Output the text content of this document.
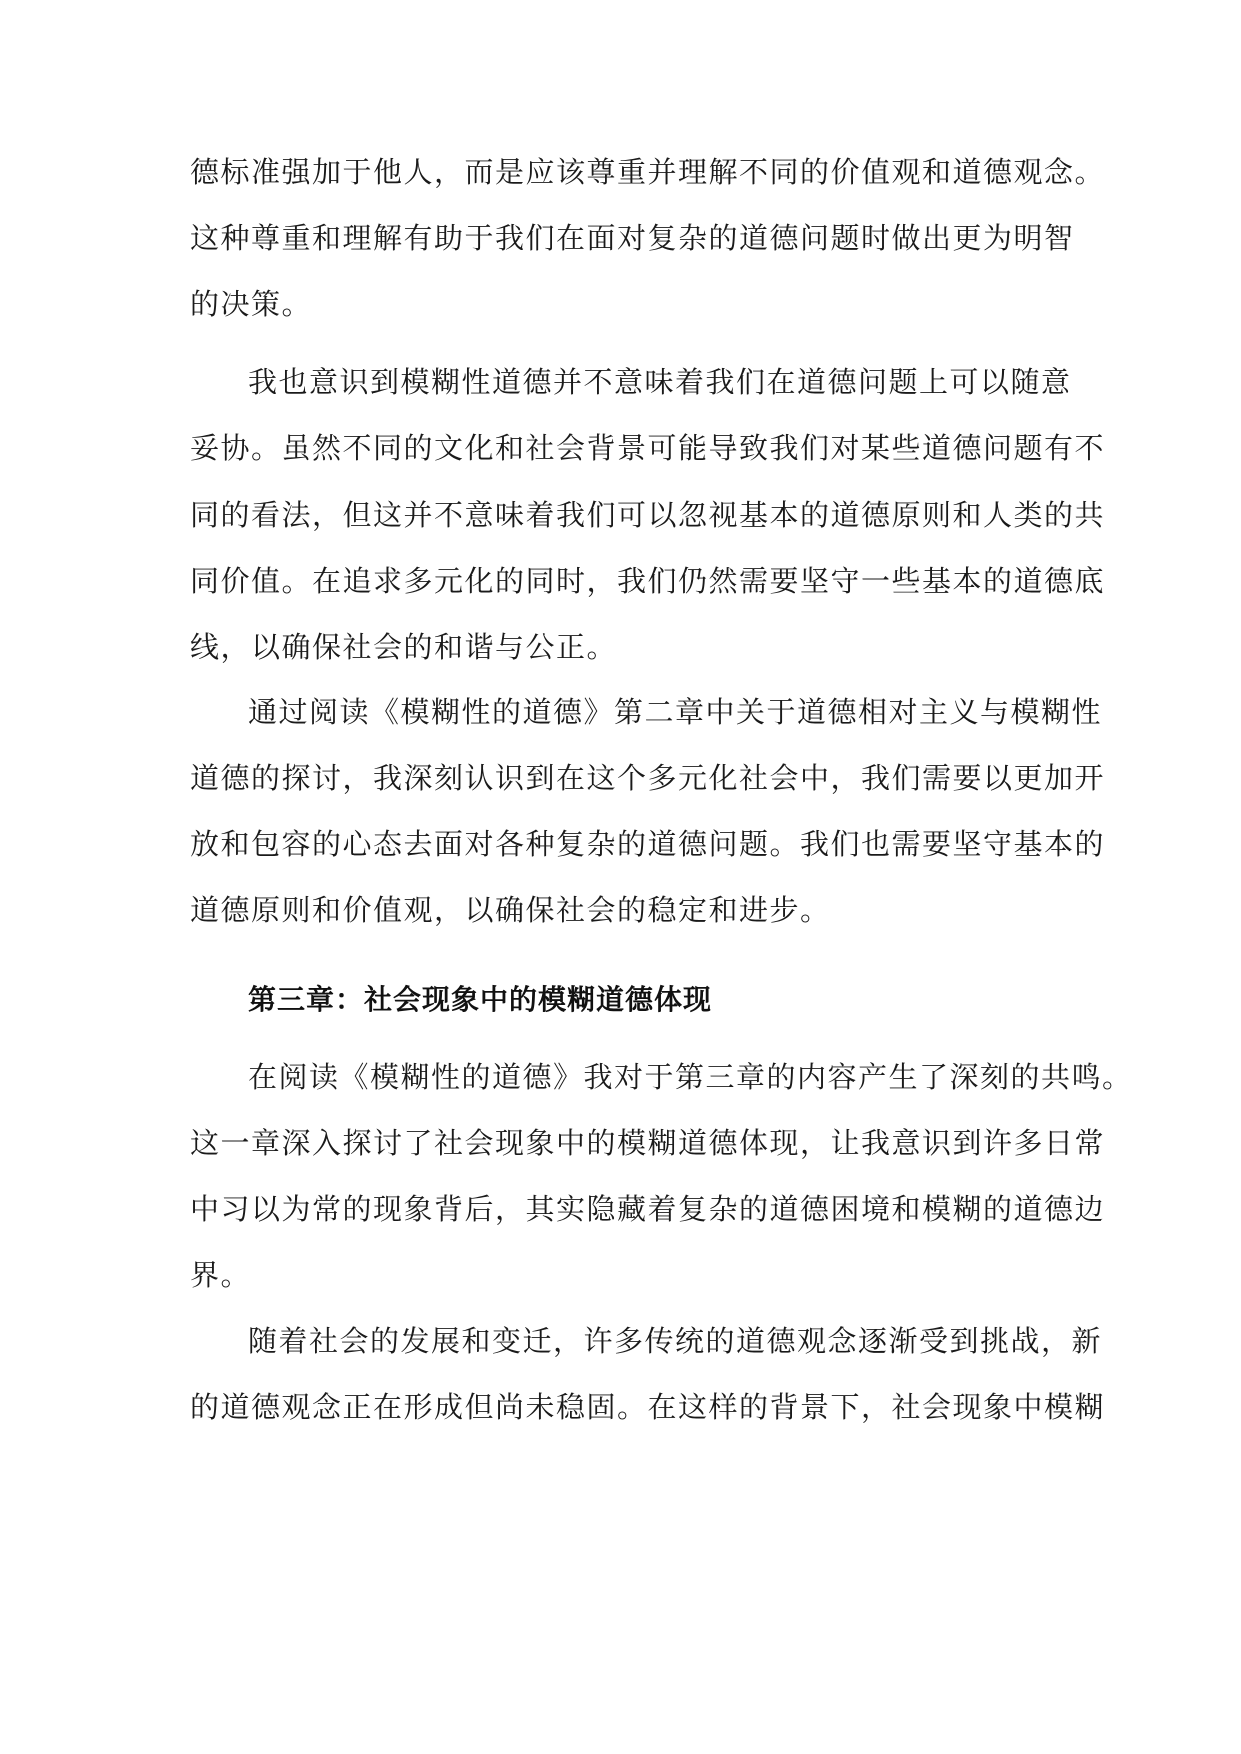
德标准强加于他人，而是应该尊重并理解不同的价值观和道德观念。
这种尊重和理解有助于我们在面对复杂的道德问题时做出更为明智
的决策。
我也意识到模糊性道德并不意味着我们在道德问题上可以随意
妥协。虽然不同的文化和社会背景可能导致我们对某些道德问题有不
同的看法，但这并不意味着我们可以忽视基本的道德原则和人类的共
同价值。在追求多元化的同时，我们仍然需要坚守一些基本的道德底
线，以确保社会的和谐与公正。
通过阅读《模糊性的道德》第二章中关于道德相对主义与模糊性
道德的探讨，我深刻认识到在这个多元化社会中，我们需要以更加开
放和包容的心态去面对各种复杂的道德问题。我们也需要坚守基本的
道德原则和价值观，以确保社会的稳定和进步。
第三章：社会现象中的模糊道德体现
在阅读《模糊性的道德》我对于第三章的内容产生了深刻的共鸣。
这一章深入探讨了社会现象中的模糊道德体现，让我意识到许多日常
中习以为常的现象背后，其实隐藏着复杂的道德困境和模糊的道德边
界。
随着社会的发展和变迁，许多传统的道德观念逐渐受到挑战，新
的道德观念正在形成但尚未稳固。在这样的背景下，社会现象中模糊
